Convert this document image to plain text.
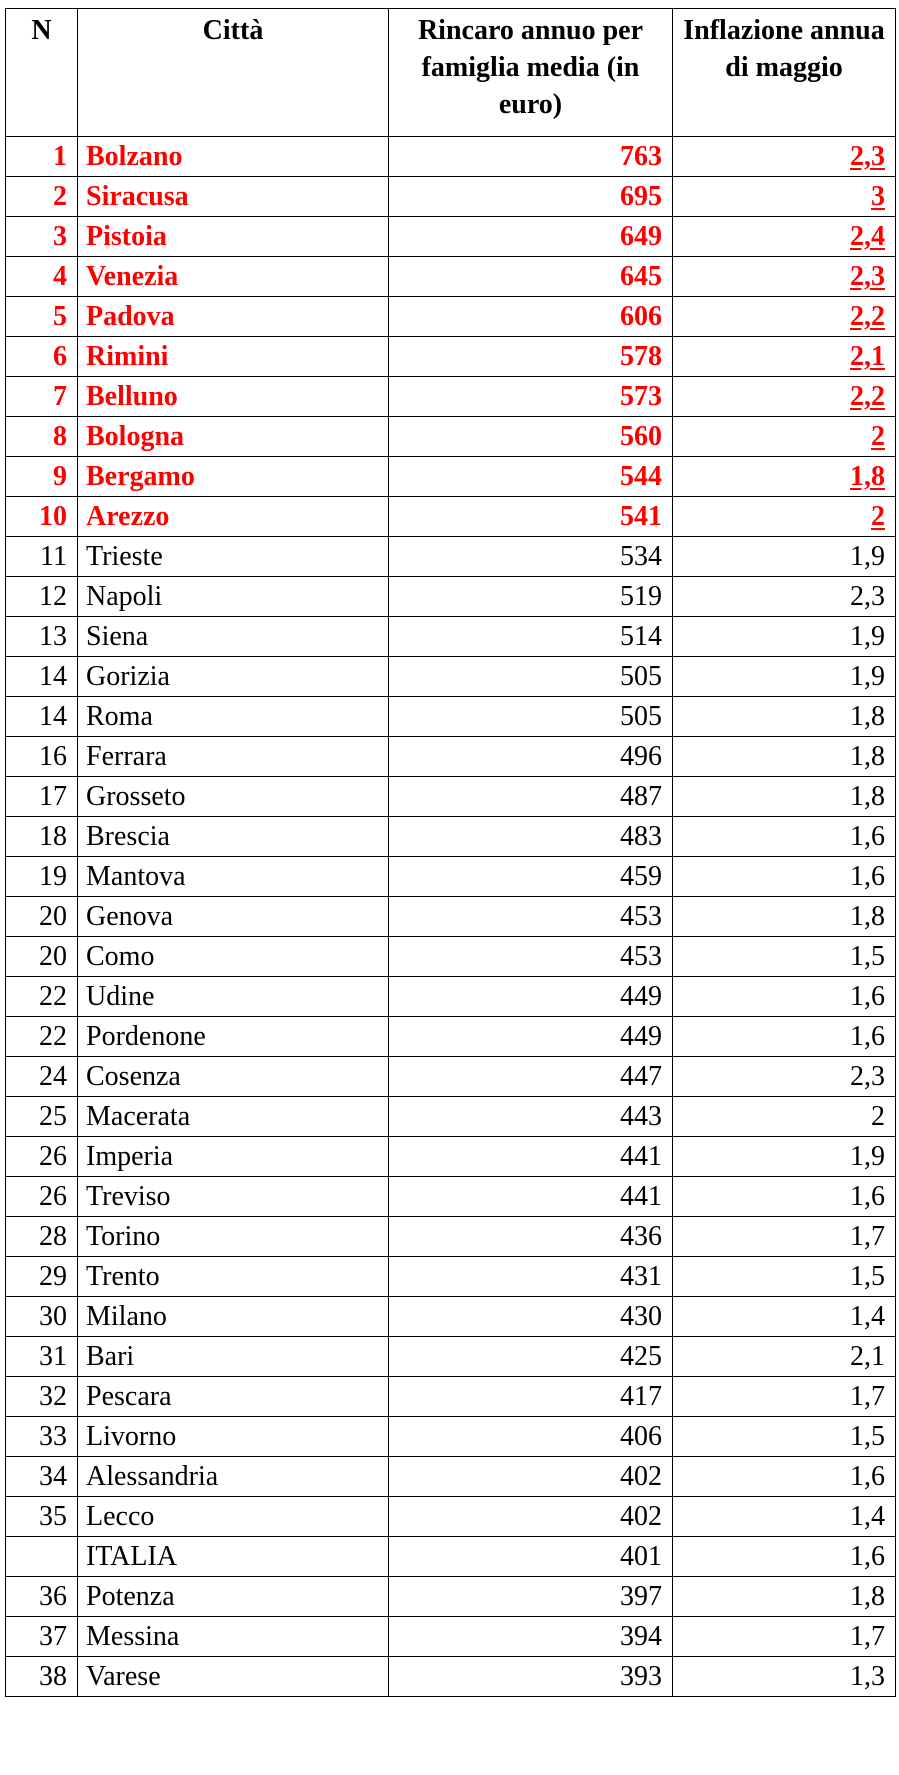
N	Città	Rincaro annuo per famiglia media (in euro)	Inflazione annua di maggio
1	Bolzano	763	2,3
2	Siracusa	695	3
3	Pistoia	649	2,4
4	Venezia	645	2,3
5	Padova	606	2,2
6	Rimini	578	2,1
7	Belluno	573	2,2
8	Bologna	560	2
9	Bergamo	544	1,8
10	Arezzo	541	2
11	Trieste	534	1,9
12	Napoli	519	2,3
13	Siena	514	1,9
14	Gorizia	505	1,9
14	Roma	505	1,8
16	Ferrara	496	1,8
17	Grosseto	487	1,8
18	Brescia	483	1,6
19	Mantova	459	1,6
20	Genova	453	1,8
20	Como	453	1,5
22	Udine	449	1,6
22	Pordenone	449	1,6
24	Cosenza	447	2,3
25	Macerata	443	2
26	Imperia	441	1,9
26	Treviso	441	1,6
28	Torino	436	1,7
29	Trento	431	1,5
30	Milano	430	1,4
31	Bari	425	2,1
32	Pescara	417	1,7
33	Livorno	406	1,5
34	Alessandria	402	1,6
35	Lecco	402	1,4
	ITALIA	401	1,6
36	Potenza	397	1,8
37	Messina	394	1,7
38	Varese	393	1,3
